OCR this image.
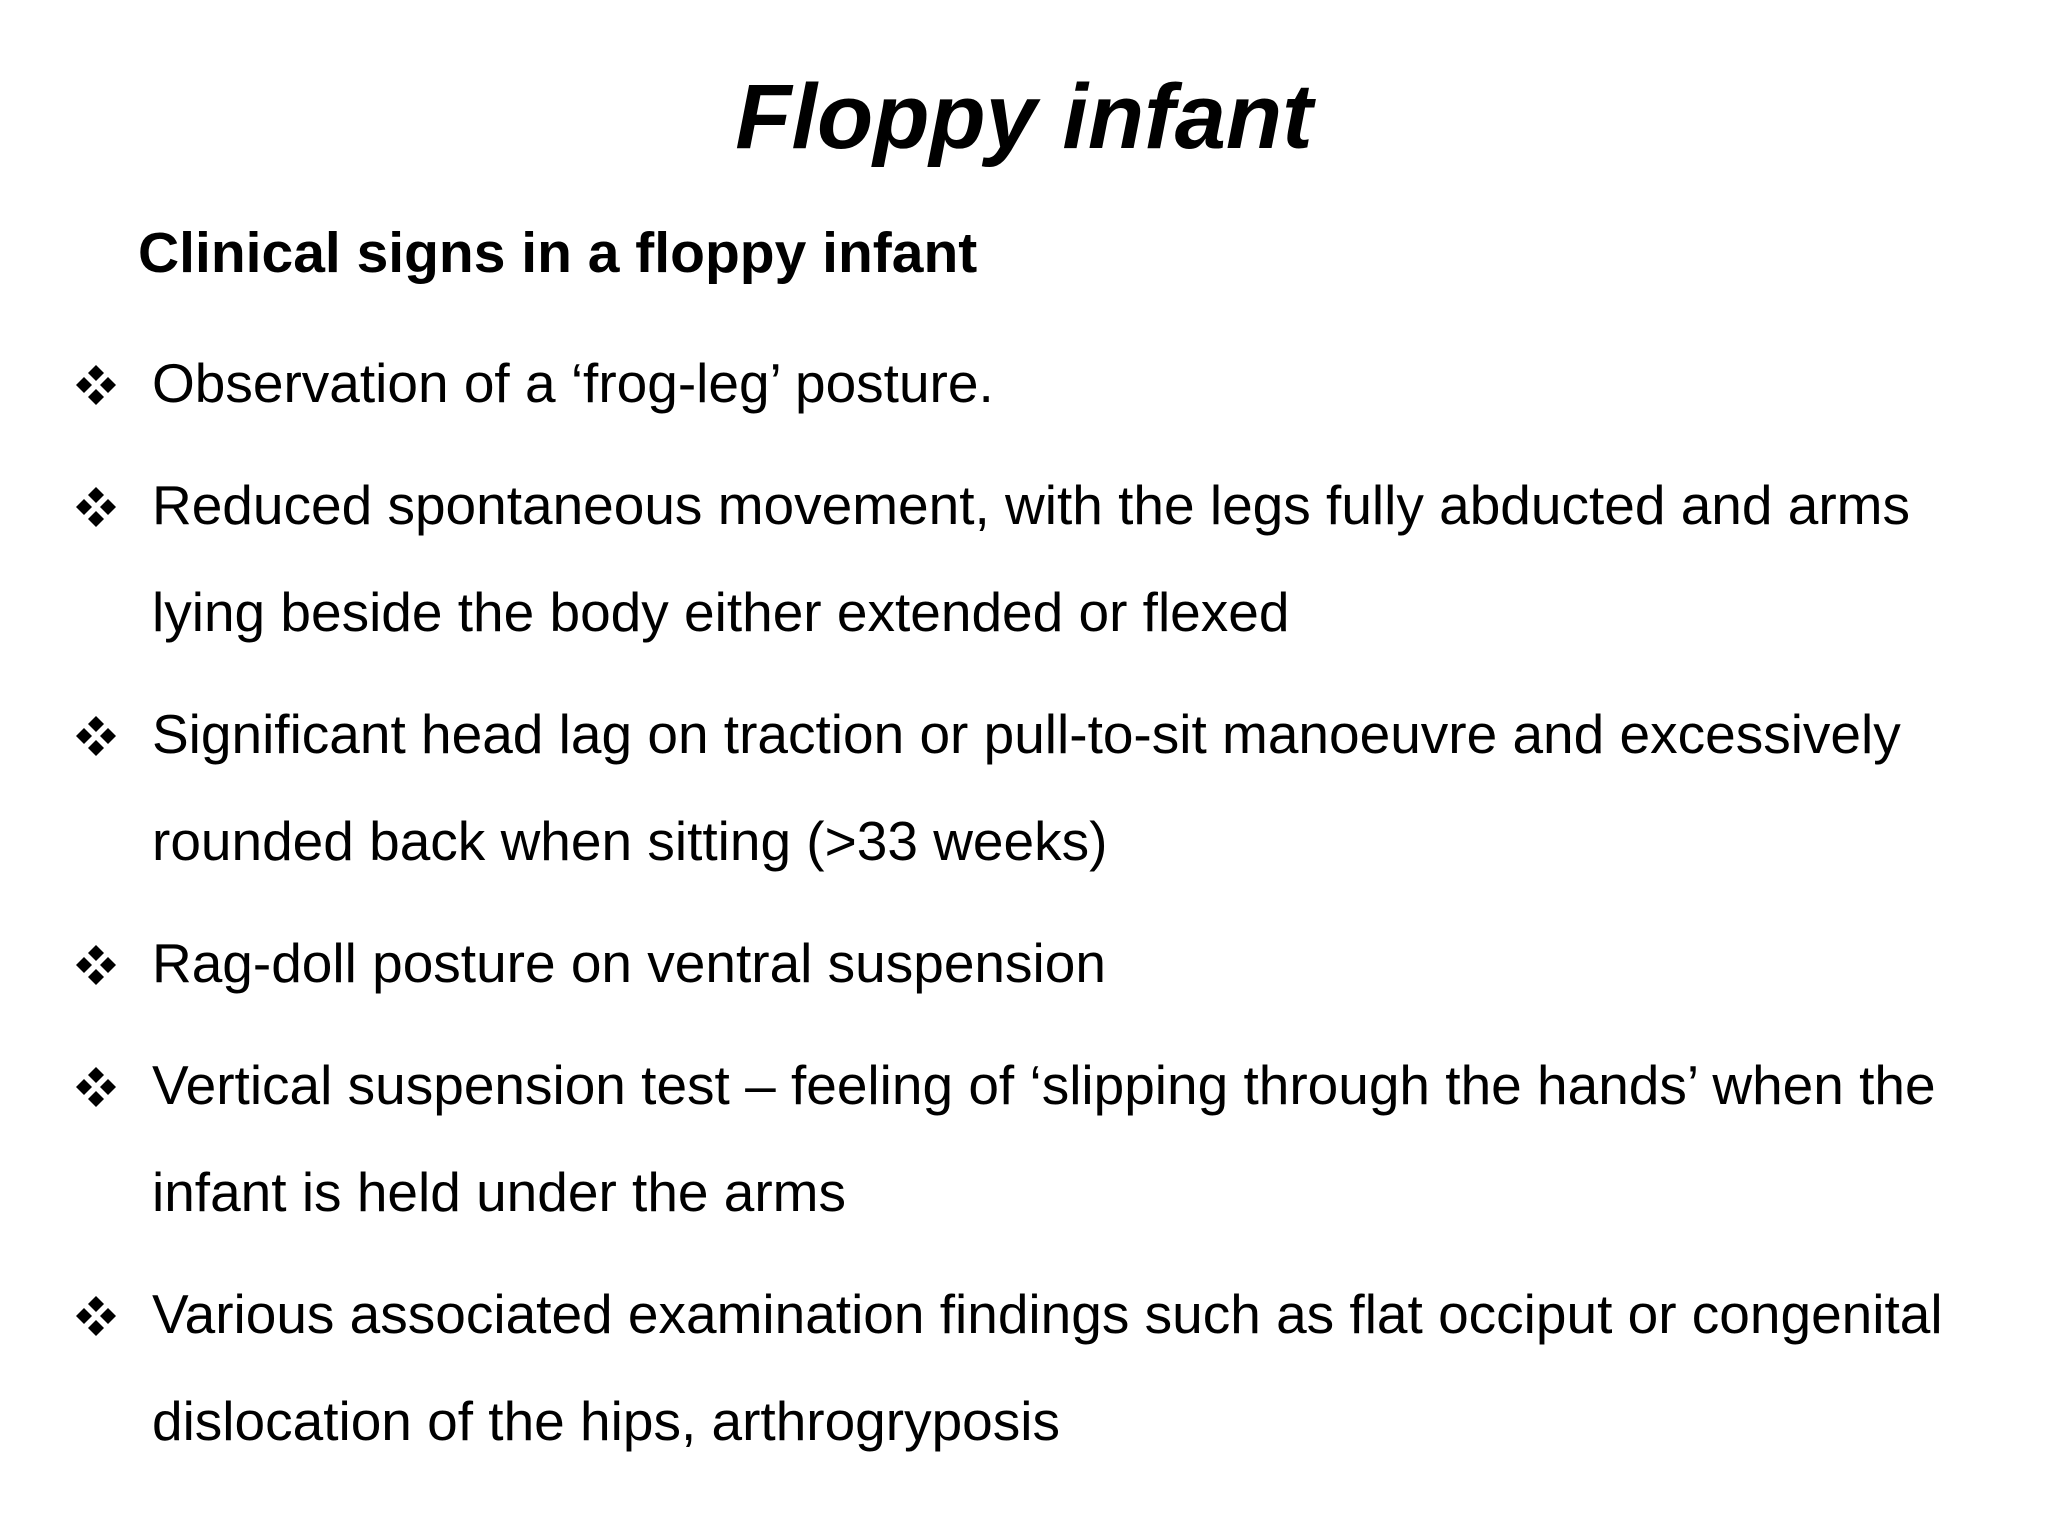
Floppy infant
Clinical signs in a floppy infant
Observation of a ‘frog-leg’ posture.
Reduced spontaneous movement, with the legs fully abducted and arms lying beside the body either extended or flexed
Significant head lag on traction or pull-to-sit manoeuvre and excessively rounded back when sitting (>33 weeks)
Rag-doll posture on ventral suspension
Vertical suspension test – feeling of ‘slipping through the hands’ when the infant is held under the arms
Various associated examination findings such as flat occiput or congenital dislocation of the hips, arthrogryposis
